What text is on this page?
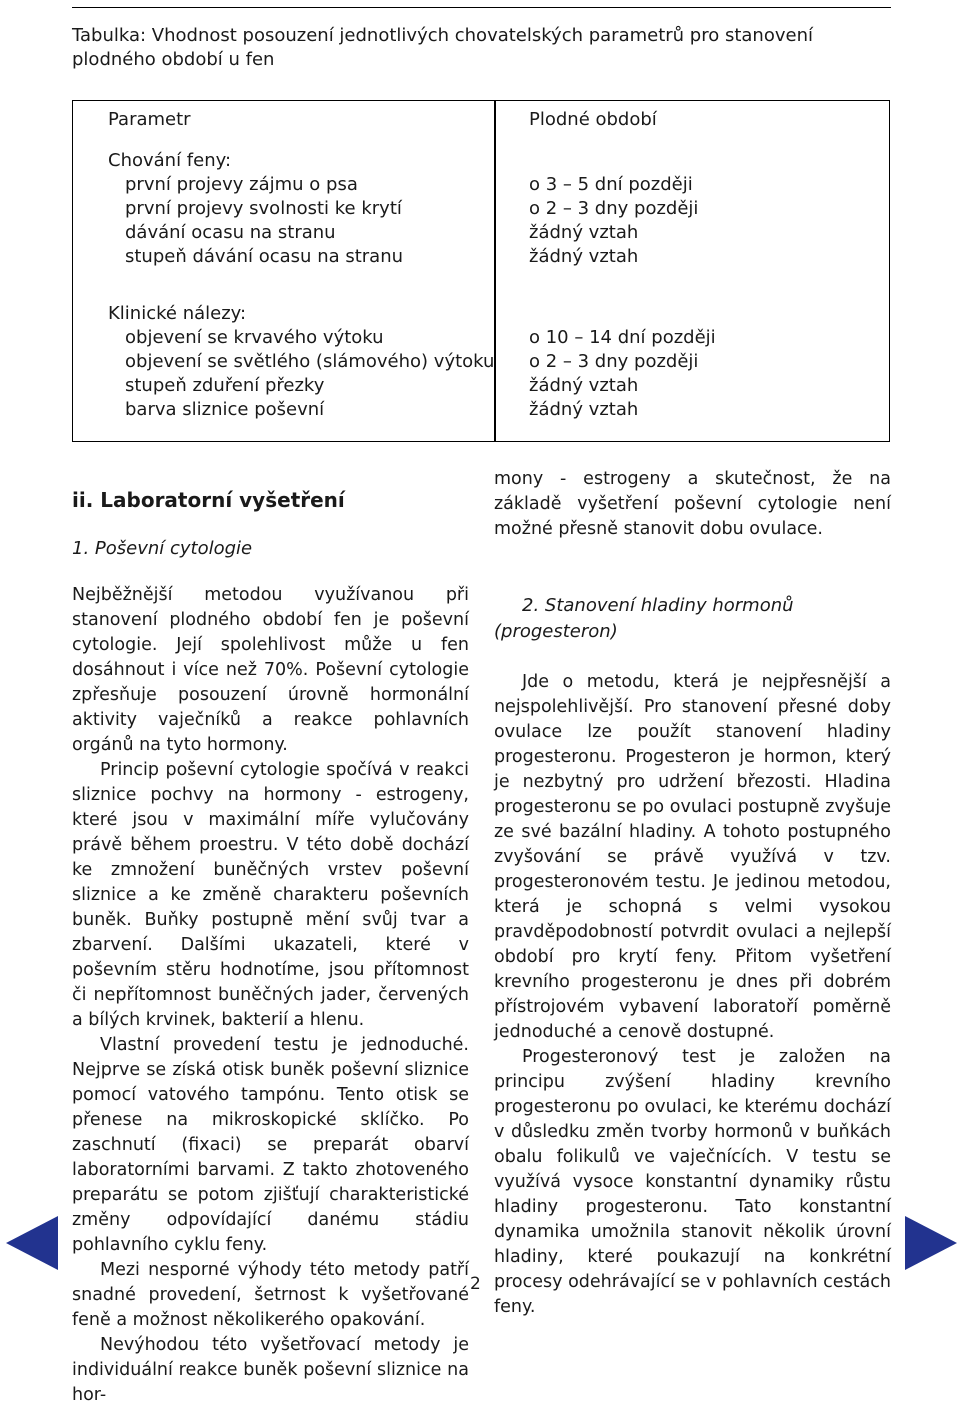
Tabulka: Vhodnost posouzení jednotlivých chovatelských parametrů pro stanovení plodného období u fen
Parametr	Plodné období
Chování feny:
první projevy zájmu o psa
první projevy svolnosti ke krytí
dávání ocasu na stranu
stupeň dávání ocasu na stranu
o 3 – 5 dní později
o 2 – 3 dny později
žádný vztah
žádný vztah
Klinické nálezy:
objevení se krvavého výtoku
objevení se světlého (slámového) výtoku
stupeň zduření přezky
barva sliznice poševní
o 10 – 14 dní později
o 2 – 3 dny později
žádný vztah
žádný vztah
ii. Laboratorní vyšetření
1. Poševní cytologie

Nejběžnější metodou využívanou při stanovení plodného období fen je poševní cytologie. Její spolehlivost může u fen dosáhnout i více než 70%. Poševní cytologie zpřesňuje posouzení úrovně hormonální aktivity vaječníků a reakce pohlavních orgánů na tyto hormony.

Princip poševní cytologie spočívá v reakci sliznice pochvy na hormony - estrogeny, které jsou v maximální míře vylučovány právě během proestru. V této době dochází ke zmnožení buněčných vrstev poševní sliznice a ke změně charakteru poševních buněk. Buňky postupně mění svůj tvar a zbarvení. Dalšími ukazateli, které v poševním stěru hodnotíme, jsou přítomnost či nepřítomnost buněčných jader, červených a bílých krvinek, bakterií a hlenu.

Vlastní provedení testu je jednoduché. Nejprve se získá otisk buněk poševní sliznice pomocí vatového tampónu. Tento otisk se přenese na mikroskopické sklíčko. Po zaschnutí (fixaci) se preparát obarví laboratorními barvami. Z takto zhotoveného preparátu se potom zjišťují charakteristické změny odpovídající danému stádiu pohlavního cyklu feny.

Mezi nesporné výhody této metody patří snadné provedení, šetrnost k vyšetřované feně a možnost několikerého opakování.

Nevýhodou této vyšetřovací metody je individuální reakce buněk poševní sliznice na hor-

mony - estrogeny a skutečnost, že na základě vyšetření poševní cytologie není možné přesně stanovit dobu ovulace.
2. Stanovení hladiny hormonů (progesteron)

Jde o metodu, která je nejpřesnější a nejspolehlivější. Pro stanovení přesné doby ovulace lze použít stanovení hladiny progesteronu. Progesteron je hormon, který je nezbytný pro udržení březosti. Hladina progesteronu se po ovulaci postupně zvyšuje ze své bazální hladiny. A tohoto postupného zvyšování se právě využívá v tzv. progesteronovém testu. Je jedinou metodou, která je schopná s velmi vysokou pravděpodobností potvrdit ovulaci a nejlepší období pro krytí feny. Přitom vyšetření krevního progesteronu je dnes při dobrém přístrojovém vybavení laboratoří poměrně jednoduché a cenově dostupné.

Progesteronový test je založen na principu zvýšení hladiny krevního progesteronu po ovulaci, ke kterému dochází v důsledku změn tvorby hormonů v buňkách obalu folikulů ve vaječnících. V testu se využívá vysoce konstantní dynamiky růstu hladiny progesteronu. Tato konstantní dynamika umožnila stanovit několik úrovní hladiny, které poukazují na konkrétní procesy odehrávající se v pohlavních cestách feny.

2
